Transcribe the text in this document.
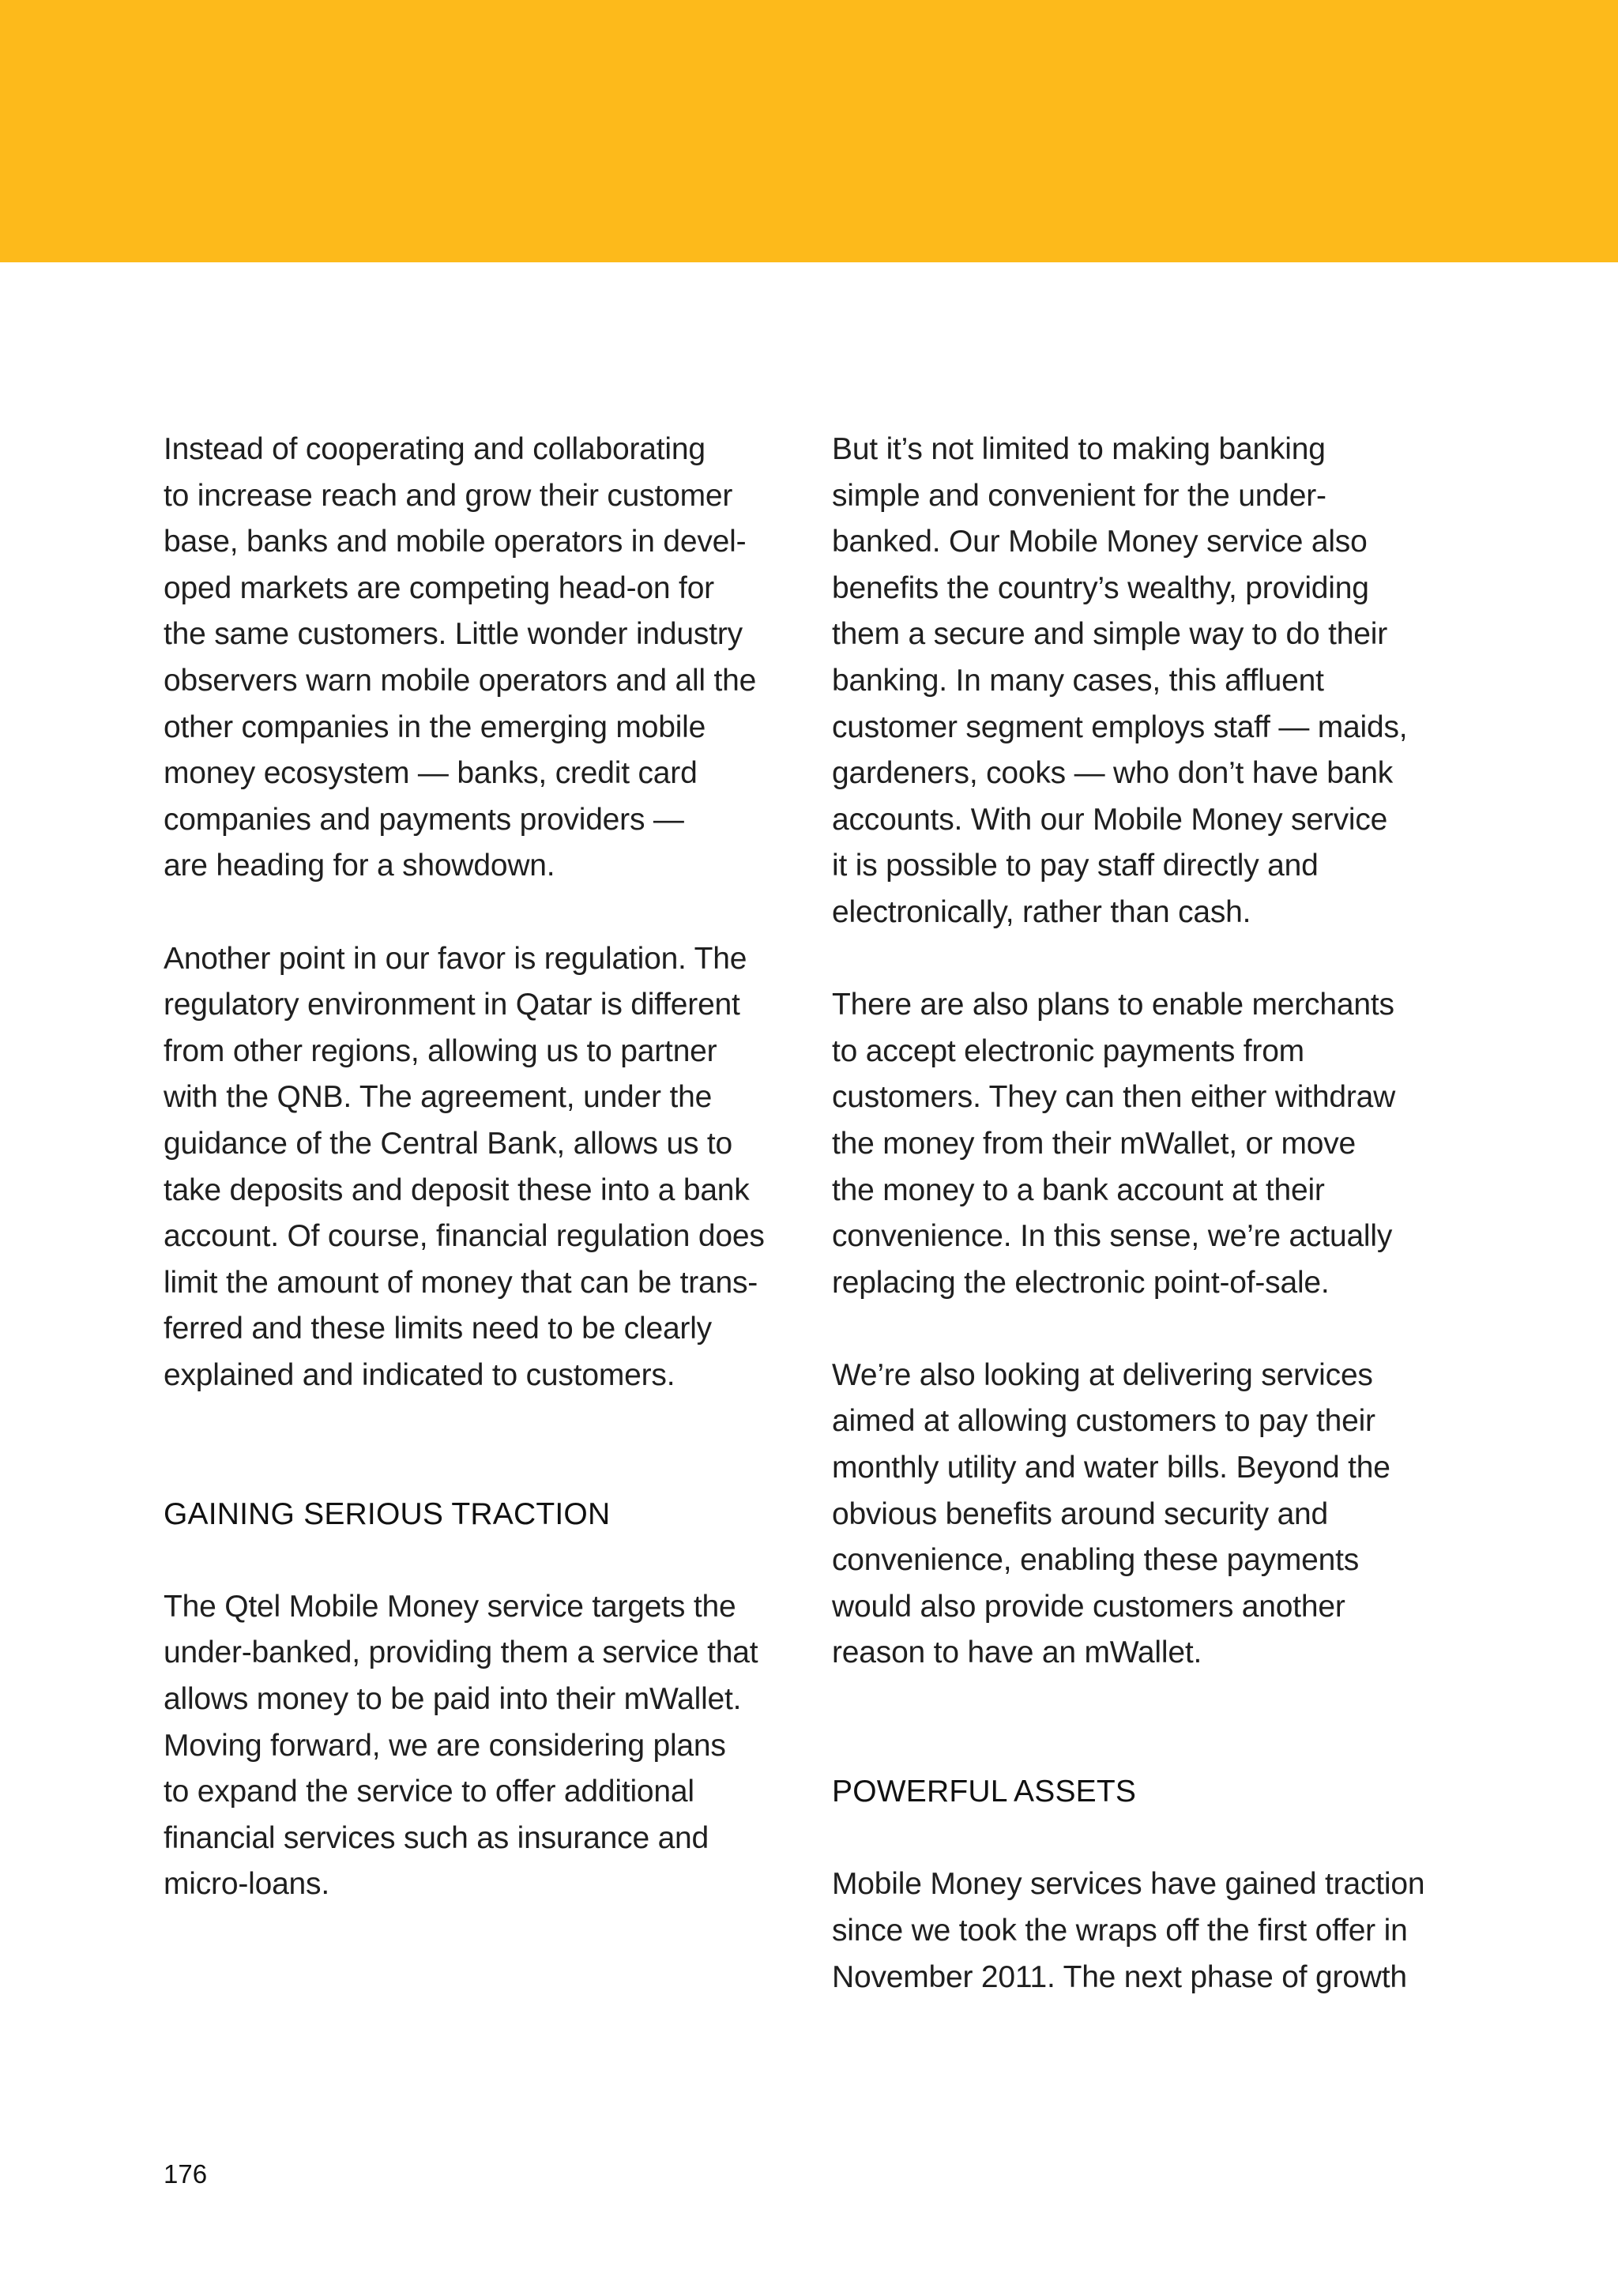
Instead of cooperating and collaborating
to increase reach and grow their customer
base, banks and mobile operators in devel-
oped markets are competing head-on for
the same customers. Little wonder industry
observers warn mobile operators and all the
other companies in the emerging mobile
money ecosystem — banks, credit card
companies and payments providers —
are heading for a showdown.

Another point in our favor is regulation. The
regulatory environment in Qatar is different
from other regions, allowing us to partner
with the QNB. The agreement, under the
guidance of the Central Bank, allows us to
take deposits and deposit these into a bank
account. Of course, financial regulation does
limit the amount of money that can be trans-
ferred and these limits need to be clearly
explained and indicated to customers.

GAINING SERIOUS TRACTION

The Qtel Mobile Money service targets the
under-banked, providing them a service that
allows money to be paid into their mWallet.
Moving forward, we are considering plans
to expand the service to offer additional
financial services such as insurance and
micro-loans.

But it’s not limited to making banking
simple and convenient for the under-
banked. Our Mobile Money service also
benefits the country’s wealthy, providing
them a secure and simple way to do their
banking. In many cases, this affluent
customer segment employs staff — maids,
gardeners, cooks — who don’t have bank
accounts. With our Mobile Money service
it is possible to pay staff directly and
electronically, rather than cash.

There are also plans to enable merchants
to accept electronic payments from
customers. They can then either withdraw
the money from their mWallet, or move
the money to a bank account at their
convenience. In this sense, we’re actually
replacing the electronic point-of-sale.

We’re also looking at delivering services
aimed at allowing customers to pay their
monthly utility and water bills. Beyond the
obvious benefits around security and
convenience, enabling these payments
would also provide customers another
reason to have an mWallet.

POWERFUL ASSETS

Mobile Money services have gained traction
since we took the wraps off the first offer in
November 2011. The next phase of growth

176
